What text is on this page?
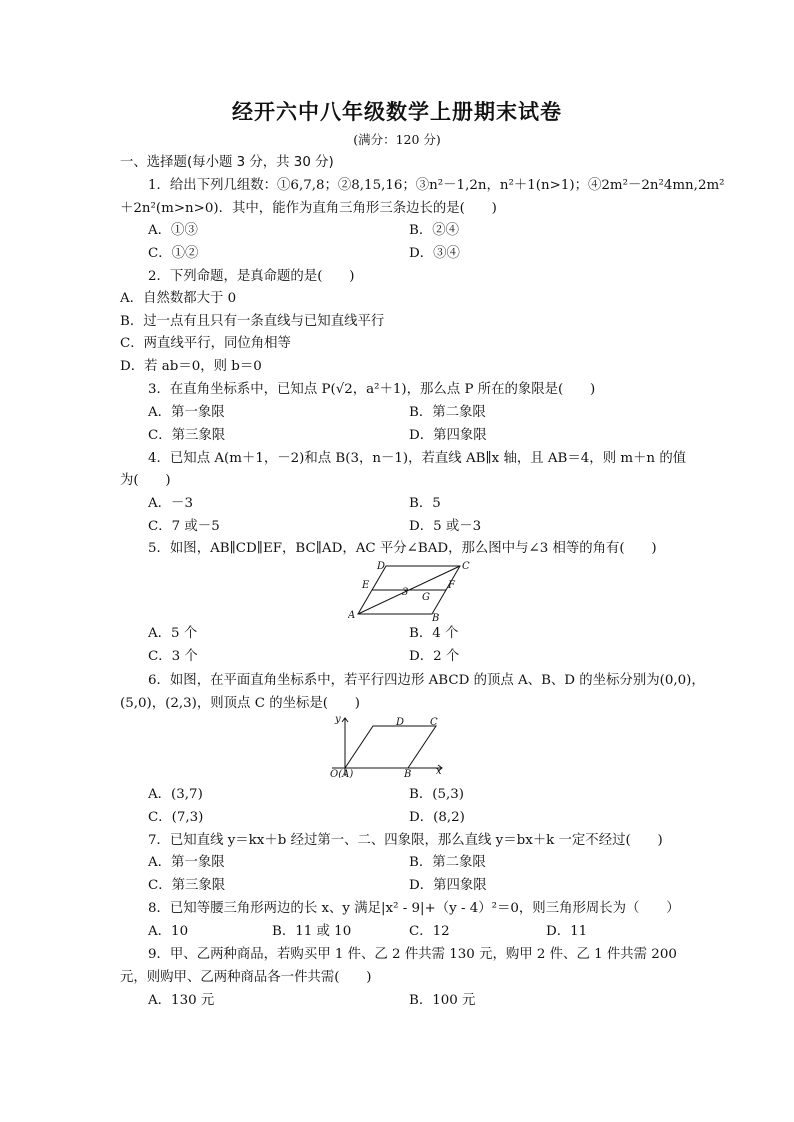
经开六中八年级数学上册期末试卷
(满分：120 分)
一、选择题(每小题 3 分，共 30 分)
1．给出下列几组数：①6,7,8；②8,15,16；③n²－1,2n，n²＋1(n>1)；④2m²－2n²4mn,2m²
＋2n²(m>n>0)．其中，能作为直角三角形三条边长的是(　　)
A．①③	B．②④
C．①②	D．③④
2．下列命题，是真命题的是(　　)
A．自然数都大于 0
B．过一点有且只有一条直线与已知直线平行
C．两直线平行，同位角相等
D．若 ab＝0，则 b＝0
3．在直角坐标系中，已知点 P(√2，a²＋1)，那么点 P 所在的象限是(　　)
A．第一象限	B．第二象限
C．第三象限	D．第四象限
4．已知点 A(m＋1，－2)和点 B(3，n－1)，若直线 AB∥x 轴，且 AB＝4，则 m＋n 的值
为(　　)
A．－3	B．5
C．7 或－5	D．5 或－3
5．如图，AB∥CD∥EF，BC∥AD，AC 平分∠BAD，那么图中与∠3 相等的角有(　　)
A	B
C
D
E	F
G
3
A．5 个	B．4 个
C．3 个	D．2 个
6．如图，在平面直角坐标系中，若平行四边形 ABCD 的顶点 A、B、D 的坐标分别为(0,0)，
(5,0)，(2,3)，则顶点 C 的坐标是(　　)
y
x
D	C
O(A)	B
A．(3,7)	B．(5,3)
C．(7,3)	D．(8,2)
7．已知直线 y＝kx＋b 经过第一、二、四象限，那么直线 y＝bx＋k 一定不经过(　　)
A．第一象限	B．第二象限
C．第三象限	D．第四象限
8．已知等腰三角形两边的长 x、y 满足|x² - 9|+（y - 4）²＝0，则三角形周长为（　　）
A．10	B．11 或 10	C．12	D．11
9．甲、乙两种商品，若购买甲 1 件、乙 2 件共需 130 元，购甲 2 件、乙 1 件共需 200
元，则购甲、乙两种商品各一件共需(　　)
A．130 元	B．100 元
